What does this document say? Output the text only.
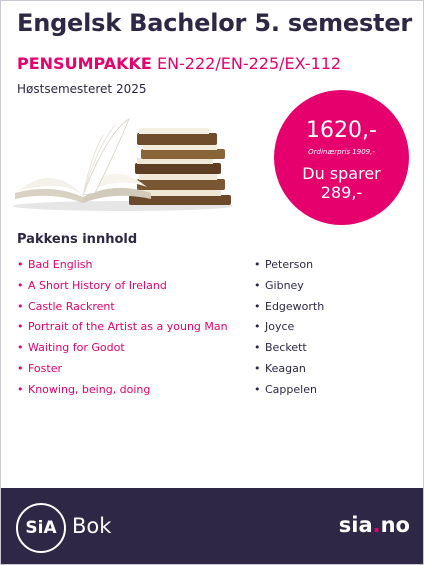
Engelsk Bachelor 5. semester
PENSUMPAKKE EN-222/EN-225/EX-112
Høstsemesteret 2025
1620,-
Ordinærpris 1909,-
Du sparer
289,-
Pakkens innhold
• Bad English
• A Short History of Ireland
• Castle Rackrent
• Portrait of the Artist as a young Man
• Waiting for Godot
• Foster
• Knowing, being, doing
• Peterson
• Gibney
• Edgeworth
• Joyce
• Beckett
• Keagan
• Cappelen
SiA Bok	sia.no
